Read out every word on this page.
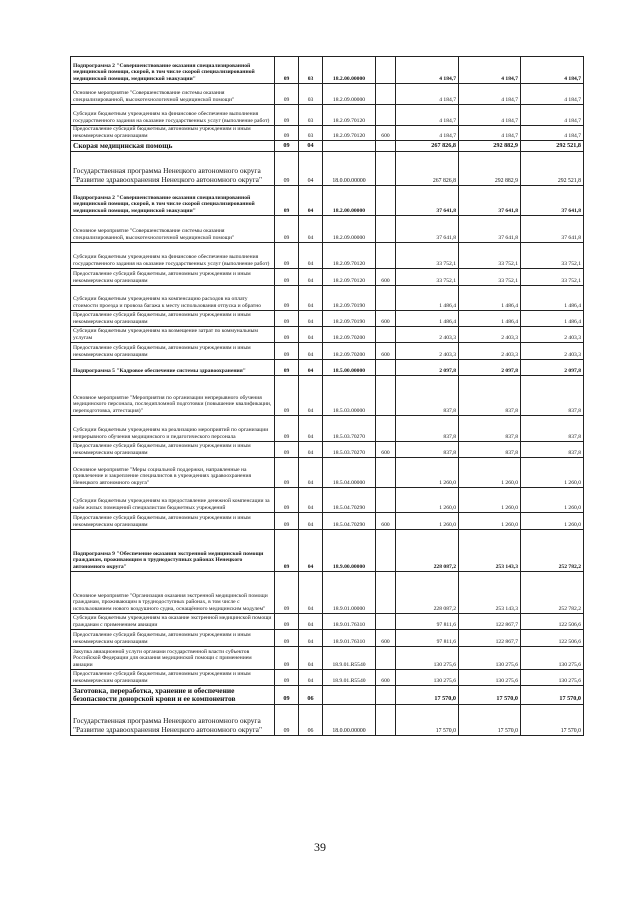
Подпрограмма 2 "Совершенствование оказания специализированной медицинской помощи, скорой, в том числе скорой специализированной медицинской помощи, медицинской эвакуации"	09	03	18.2.00.00000		4 184,7	4 184,7	4 184,7
Основное мероприятие "Совершенствование системы оказания специализированной, высокотехнологичной медицинской помощи"	09	03	18.2.09.00000		4 184,7	4 184,7	4 184,7
Субсидии бюджетным учреждениям на финансовое обеспечение выполнения государственного задания на оказание государственных услуг (выполнение работ)	09	03	18.2.09.70120		4 184,7	4 184,7	4 184,7
Предоставление субсидий бюджетным, автономным учреждениям и иным некоммерческим организациям	09	03	18.2.09.70120	600	4 184,7	4 184,7	4 184,7
Скорая медицинская помощь	09	04			267 826,8	292 882,9	292 521,8
Государственная программа Ненецкого автономного округа "Развитие здравоохранения Ненецкого автономного округа"	09	04	18.0.00.00000		267 826,8	292 882,9	292 521,8
Подпрограмма 2 "Совершенствование оказания специализированной медицинской помощи, скорой, в том числе скорой специализированной медицинской помощи, медицинской эвакуации"	09	04	18.2.00.00000		37 641,8	37 641,8	37 641,8
Основное мероприятие "Совершенствование системы оказания специализированной, высокотехнологичной медицинской помощи"	09	04	18.2.09.00000		37 641,8	37 641,8	37 641,8
Субсидии бюджетным учреждениям на финансовое обеспечение выполнения государственного задания на оказание государственных услуг (выполнение работ)	09	04	18.2.09.70120		33 752,1	33 752,1	33 752,1
Предоставление субсидий бюджетным, автономным учреждениям и иным некоммерческим организациям	09	04	18.2.09.70120	600	33 752,1	33 752,1	33 752,1
Субсидии бюджетным учреждениям на компенсацию расходов на оплату стоимости проезда и провоза багажа к месту использования отпуска и обратно	09	04	18.2.09.70190		1 486,4	1 486,4	1 486,4
Предоставление субсидий бюджетным, автономным учреждениям и иным некоммерческим организациям	09	04	18.2.09.70190	600	1 486,4	1 486,4	1 486,4
Субсидии бюджетным учреждениям на возмещение затрат по коммунальным услугам	09	04	18.2.09.70200		2 403,3	2 403,3	2 403,3
Предоставление субсидий бюджетным, автономным учреждениям и иным некоммерческим организациям	09	04	18.2.09.70200	600	2 403,3	2 403,3	2 403,3
Подпрограмма 5 "Кадровое обеспечение системы здравоохранения"	09	04	18.5.00.00000		2 097,8	2 097,8	2 097,8
Основное мероприятие "Мероприятия по организации непрерывного обучения медицинского персонала, последипломной подготовки (повышение квалификации, переподготовка, аттестация)"	09	04	18.5.03.00000		837,8	837,8	837,8
Субсидии бюджетным учреждениям на реализацию мероприятий по организации непрерывного обучения медицинского и педагогического персонала	09	04	18.5.03.70270		837,8	837,8	837,8
Предоставление субсидий бюджетным, автономным учреждениям и иным некоммерческим организациям	09	04	18.5.03.70270	600	837,8	837,8	837,8
Основное мероприятие "Меры социальной поддержки, направленные на привлечение и закрепление специалистов в учреждениях здравоохранения Ненецкого автономного округа"	09	04	18.5.04.00000		1 260,0	1 260,0	1 260,0
Субсидии бюджетным учреждениям на предоставление денежной компенсации за наём жилых помещений специалистам бюджетных учреждений	09	04	18.5.04.70290		1 260,0	1 260,0	1 260,0
Предоставление субсидий бюджетным, автономным учреждениям и иным некоммерческим организациям	09	04	18.5.04.70290	600	1 260,0	1 260,0	1 260,0
Подпрограмма 9 "Обеспечение оказания экстренной медицинской помощи гражданам, проживающим в труднодоступных районах Ненецкого автономного округа"	09	04	18.9.00.00000		228 087,2	253 143,3	252 782,2
Основное мероприятие "Организация оказания экстренной медицинской помощи гражданам, проживающим в труднодоступных районах, в том числе с использованием нового воздушного судна, оснащённого медицинским модулем"	09	04	18.9.01.00000		228 087,2	253 143,3	252 782,2
Субсидии бюджетным учреждениям на оказание экстренной медицинской помощи гражданам с применением авиации	09	04	18.9.01.76310		97 811,6	122 867,7	122 506,6
Предоставление субсидий бюджетным, автономным учреждениям и иным некоммерческим организациям	09	04	18.9.01.76310	600	97 811,6	122 867,7	122 506,6
Закупка авиационной услуги органами государственной власти субъектов Российской Федерации для оказания медицинской помощи с применением авиации	09	04	18.9.01.R5540		130 275,6	130 275,6	130 275,6
Предоставление субсидий бюджетным, автономным учреждениям и иным некоммерческим организациям	09	04	18.9.01.R5540	600	130 275,6	130 275,6	130 275,6
Заготовка, переработка, хранение и обеспечение безопасности донорской крови и ее компонентов	09	06			17 570,0	17 570,0	17 570,0
Государственная программа Ненецкого автономного округа "Развитие здравоохранения Ненецкого автономного округа"	09	06	18.0.00.00000		17 570,0	17 570,0	17 570,0
39
